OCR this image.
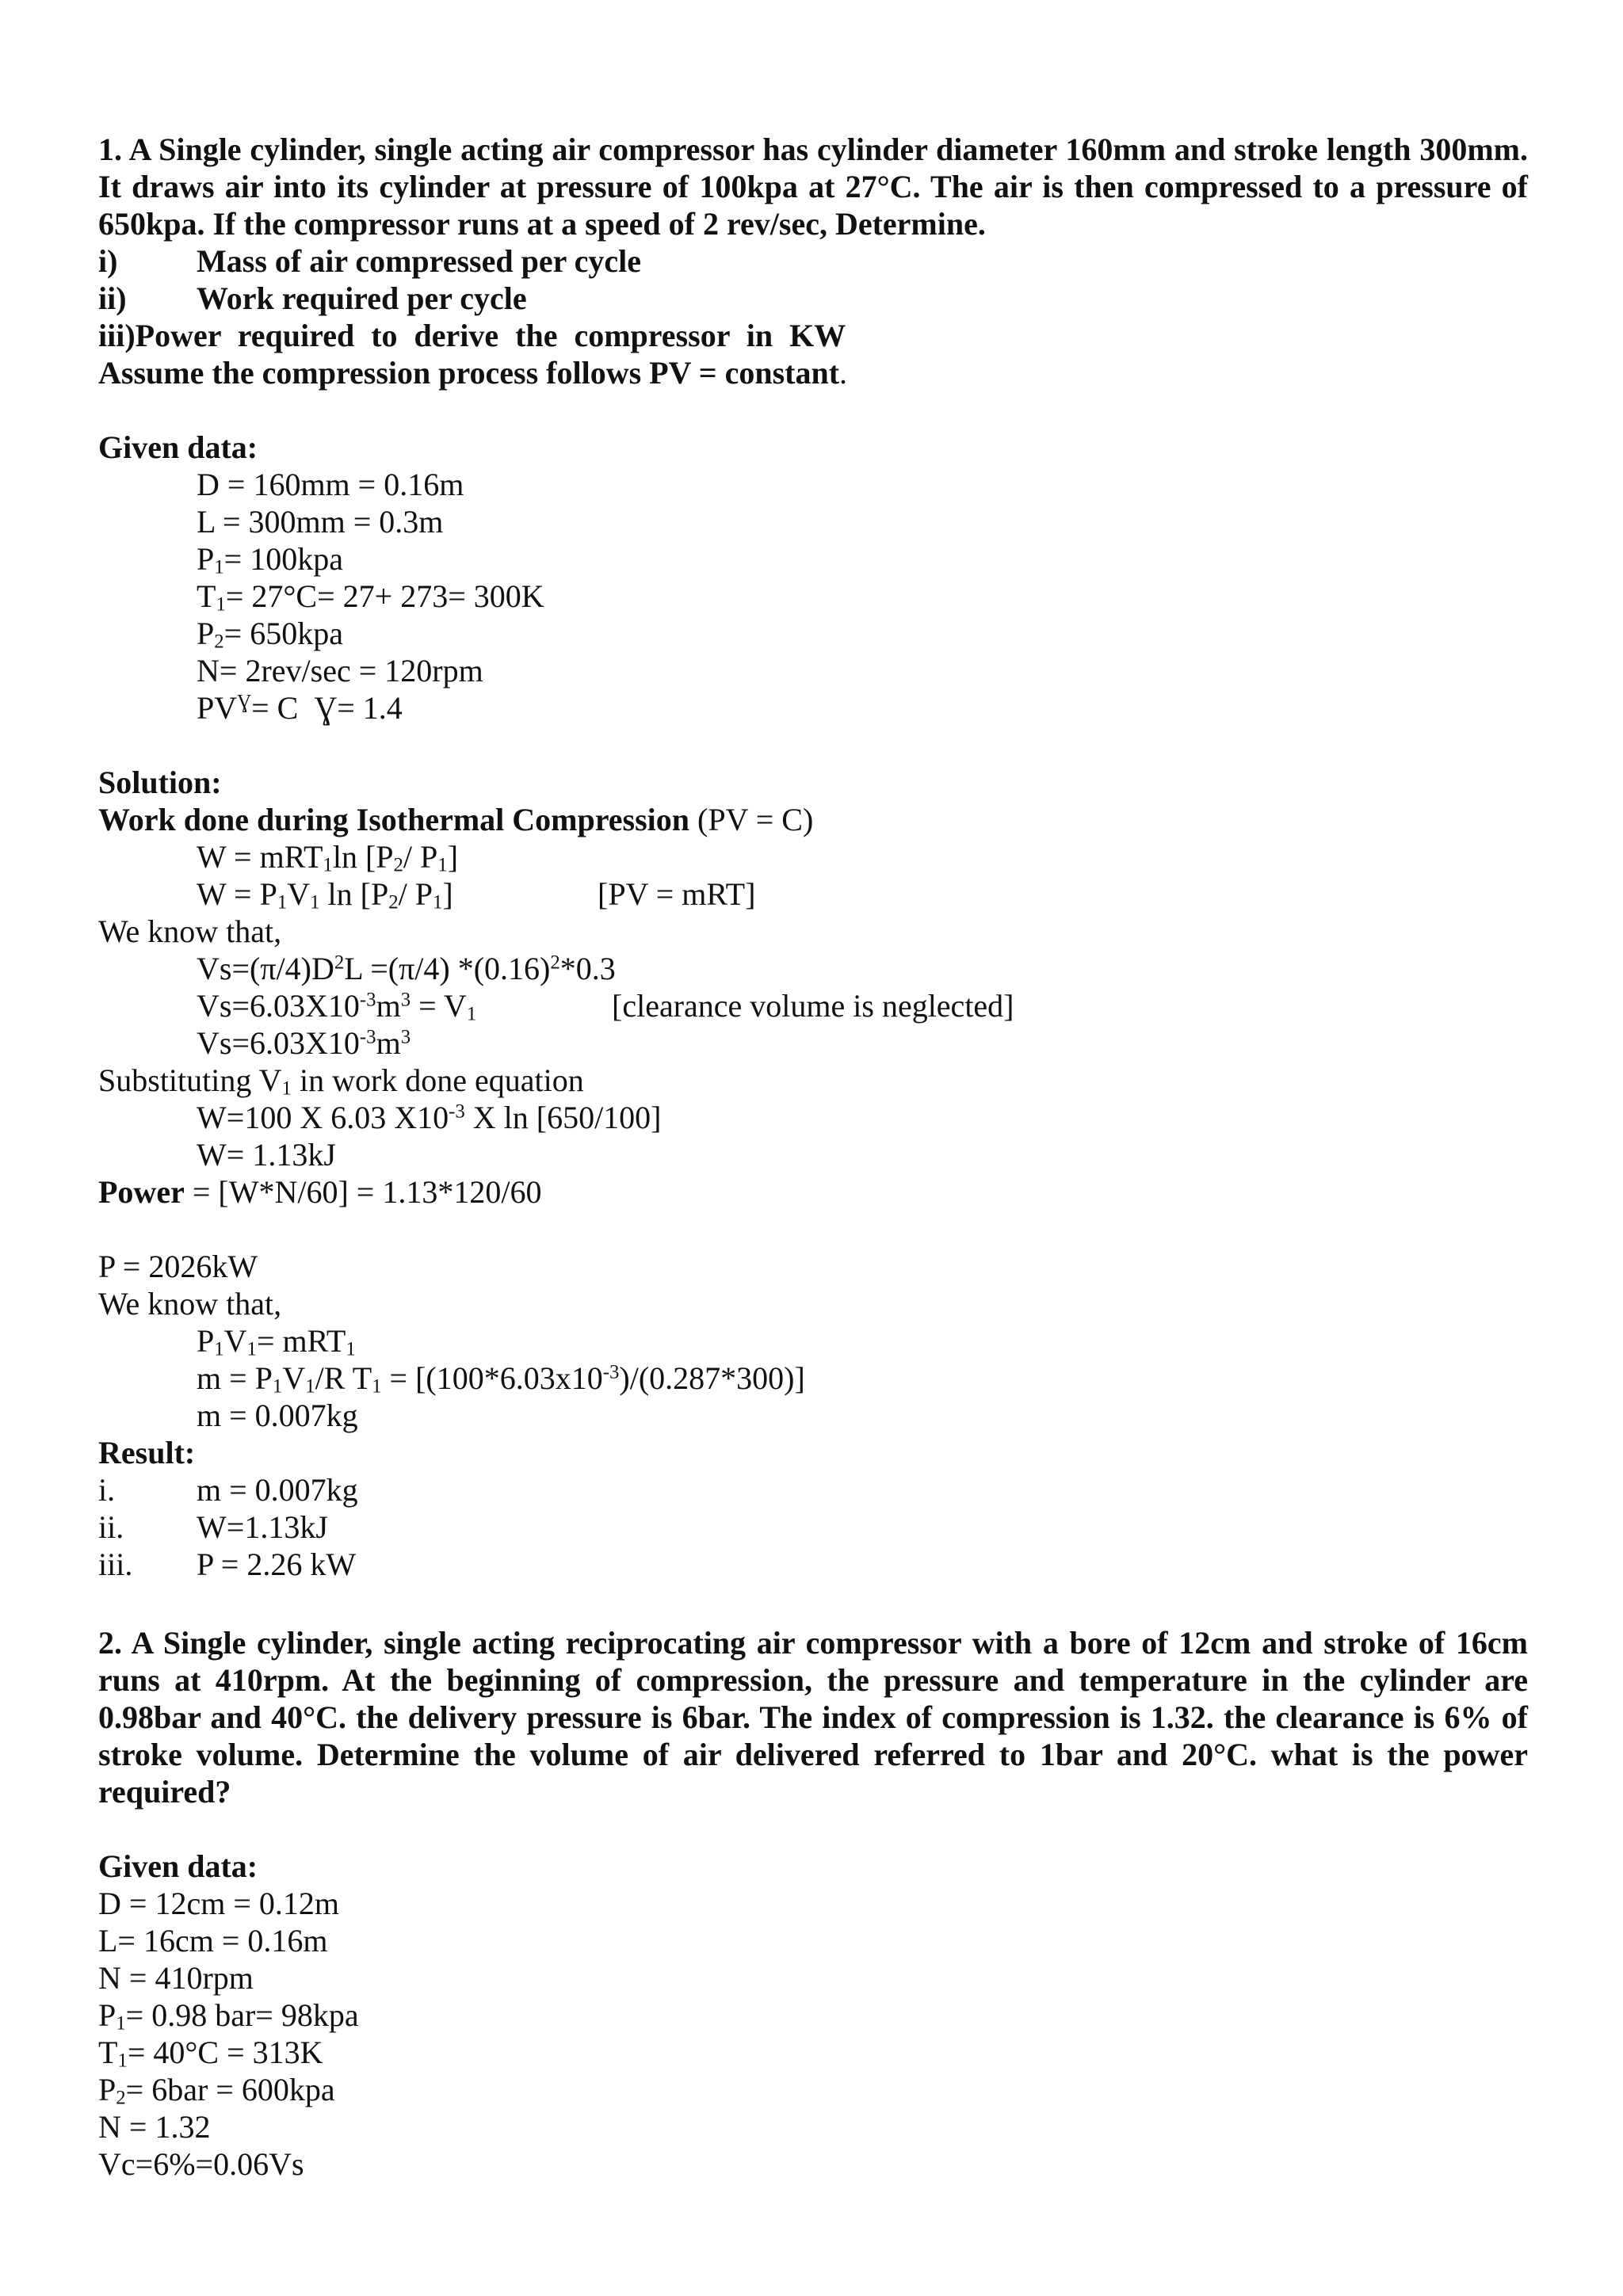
1. A Single cylinder, single acting air compressor has cylinder diameter 160mm and stroke length 300mm. It draws air into its cylinder at pressure of 100kpa at 27°C. The air is then compressed to a pressure of 650kpa. If the compressor runs at a speed of 2 rev/sec, Determine.
i)	Mass of air compressed per cycle
ii)	Work required per cycle
iii)Power required to derive the compressor in KW
Assume the compression process follows PV = constant.
Given data:
D = 160mm = 0.16m
L = 300mm = 0.3m
$P_1= 100kpa$
$T_1= 27^\circ C= 27+ 273= 300K$
$P_2= 650kpa$
N= 2rev/sec = 120rpm
$PV^Ɣ= C$ Ɣ= 1.4
Solution:
Work done during Isothermal Compression (PV = C)
W = mRT$_1$ln [$P_2/$ $P_1$]
$W = P_1V_1$ $\ln [P_2/$ $P_1$]	[PV = mRT]
We know that,
$Vs=(\pi/4)D^2L =(\pi/4)$ $*(0.16)^2*0.3$
$Vs=6.03X10^{-3}m^3 = V_1$	[clearance volume is neglected]
$Vs=6.03X10^{-3}m^3$
Substituting $V_1$ in work done equation
W=100 X 6.03 $X10^{-3}$ X ln [650/100]
W= 1.13kJ
Power = [W*N/60] = 1.13*120/60
P = 2026kW
We know that,
$P_1V_1= mRT_1$
$m = P_1V_1/R$ $T_1 = [(100*6.03x10^{-3})/(0.287*300)]$
m = 0.007kg
Result:
i.	m = 0.007kg
ii.	W=1.13kJ
iii.	P = 2.26 kW
2. A Single cylinder, single acting reciprocating air compressor with a bore of 12cm and stroke of 16cm runs at 410rpm. At the beginning of compression, the pressure and temperature in the cylinder are 0.98bar and 40°C. the delivery pressure is 6bar. The index of compression is 1.32. the clearance is 6% of stroke volume. Determine the volume of air delivered referred to 1bar and 20°C. what is the power required?
Given data:
D = 12cm = 0.12m
L= 16cm = 0.16m
N = 410rpm
$P_1= 0.98$ bar= 98kpa
$T_1= 40^\circ C = 313K$
$P_2= 6bar = 600kpa$
N = 1.32
Vc=6%=0.06Vs
